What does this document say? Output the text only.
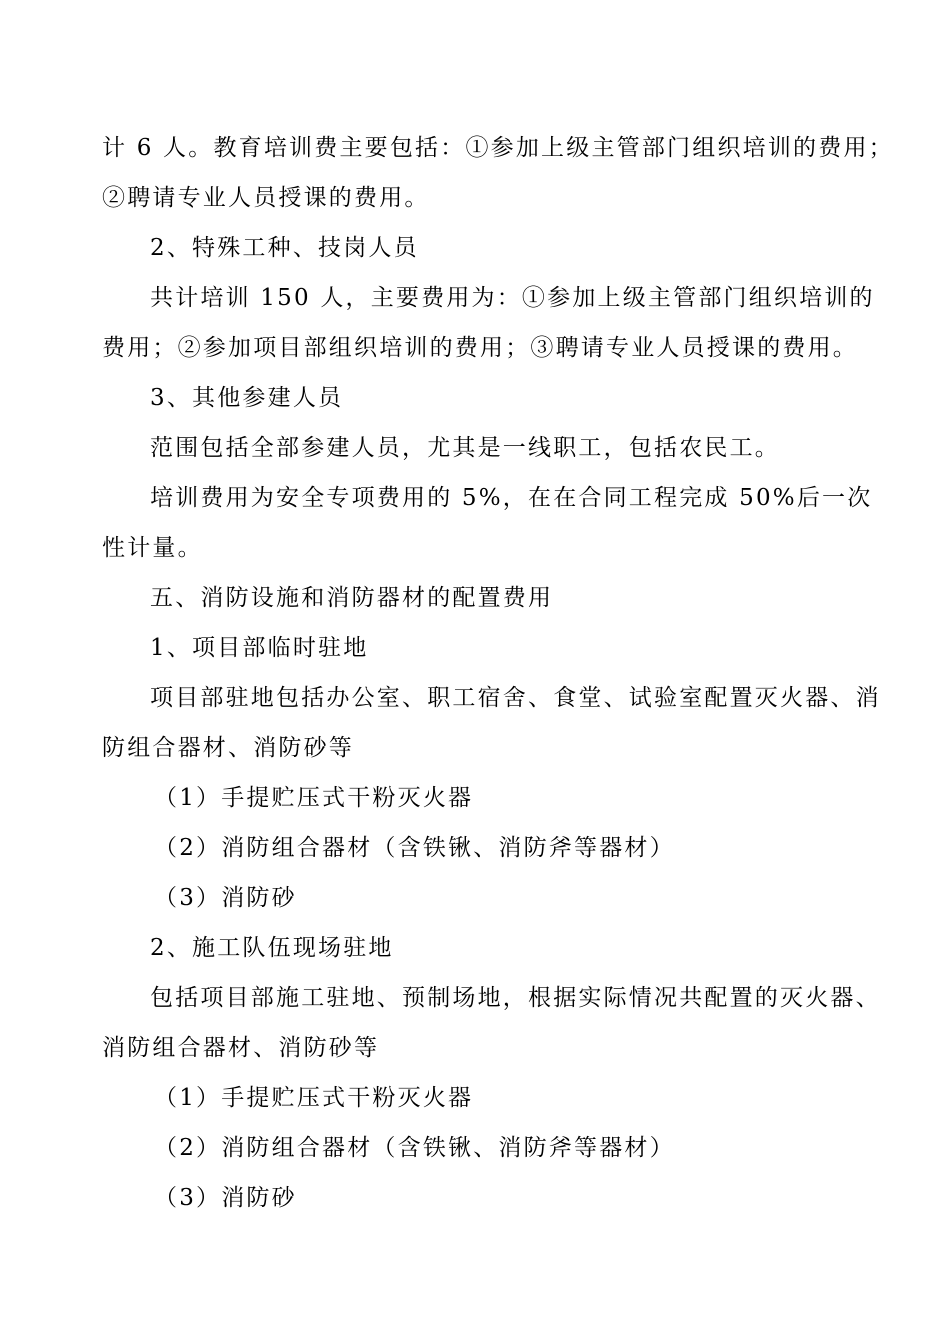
计 6 人。教育培训费主要包括：①参加上级主管部门组织培训的费用；
②聘请专业人员授课的费用。
2、特殊工种、技岗人员
共计培训 150 人，主要费用为：①参加上级主管部门组织培训的
费用；②参加项目部组织培训的费用；③聘请专业人员授课的费用。
3、其他参建人员
范围包括全部参建人员，尤其是一线职工，包括农民工。
培训费用为安全专项费用的 5%，在在合同工程完成 50%后一次
性计量。
五、消防设施和消防器材的配置费用
1、项目部临时驻地
项目部驻地包括办公室、职工宿舍、食堂、试验室配置灭火器、消
防组合器材、消防砂等
（1）手提贮压式干粉灭火器
（2）消防组合器材（含铁锹、消防斧等器材）
（3）消防砂
2、施工队伍现场驻地
包括项目部施工驻地、预制场地，根据实际情况共配置的灭火器、
消防组合器材、消防砂等
（1）手提贮压式干粉灭火器
（2）消防组合器材（含铁锹、消防斧等器材）
（3）消防砂
